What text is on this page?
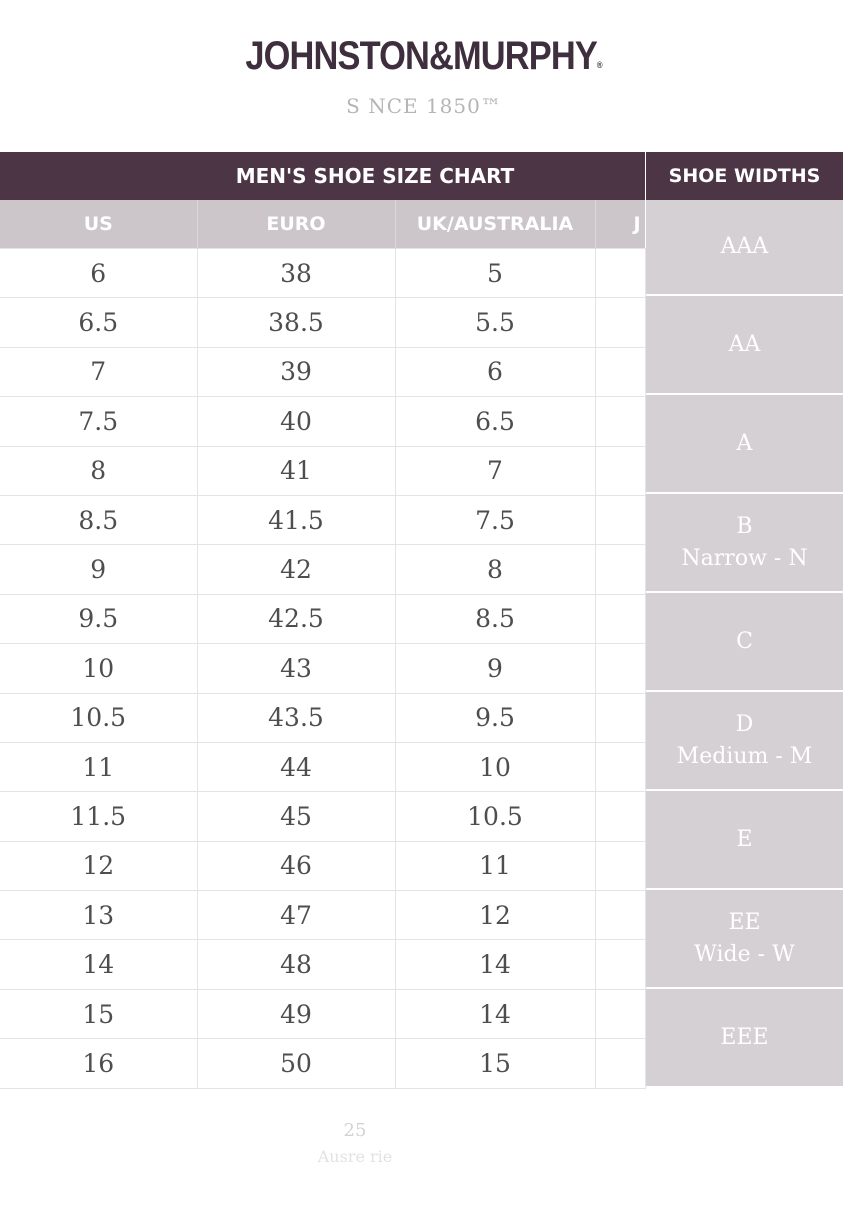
JOHNSTON&MURPHY®
S NCE 1850™
MEN'S SHOE SIZE CHART			
US	EURO	UK/AUSTRALIA	J
6	38	5	
6.5	38.5	5.5	
7	39	6	
7.5	40	6.5	
8	41	7	
8.5	41.5	7.5	
9	42	8	
9.5	42.5	8.5	
10	43	9	
10.5	43.5	9.5	
11	44	10	
11.5	45	10.5	
12	46	11	
13	47	12	
14	48	14	
15	49	14	
16	50	15	
SHOE WIDTHS
AAA
AA
A
B
Narrow - N
C
D
Medium - M
E
EE
Wide - W
EEE
25
Ausre rie
